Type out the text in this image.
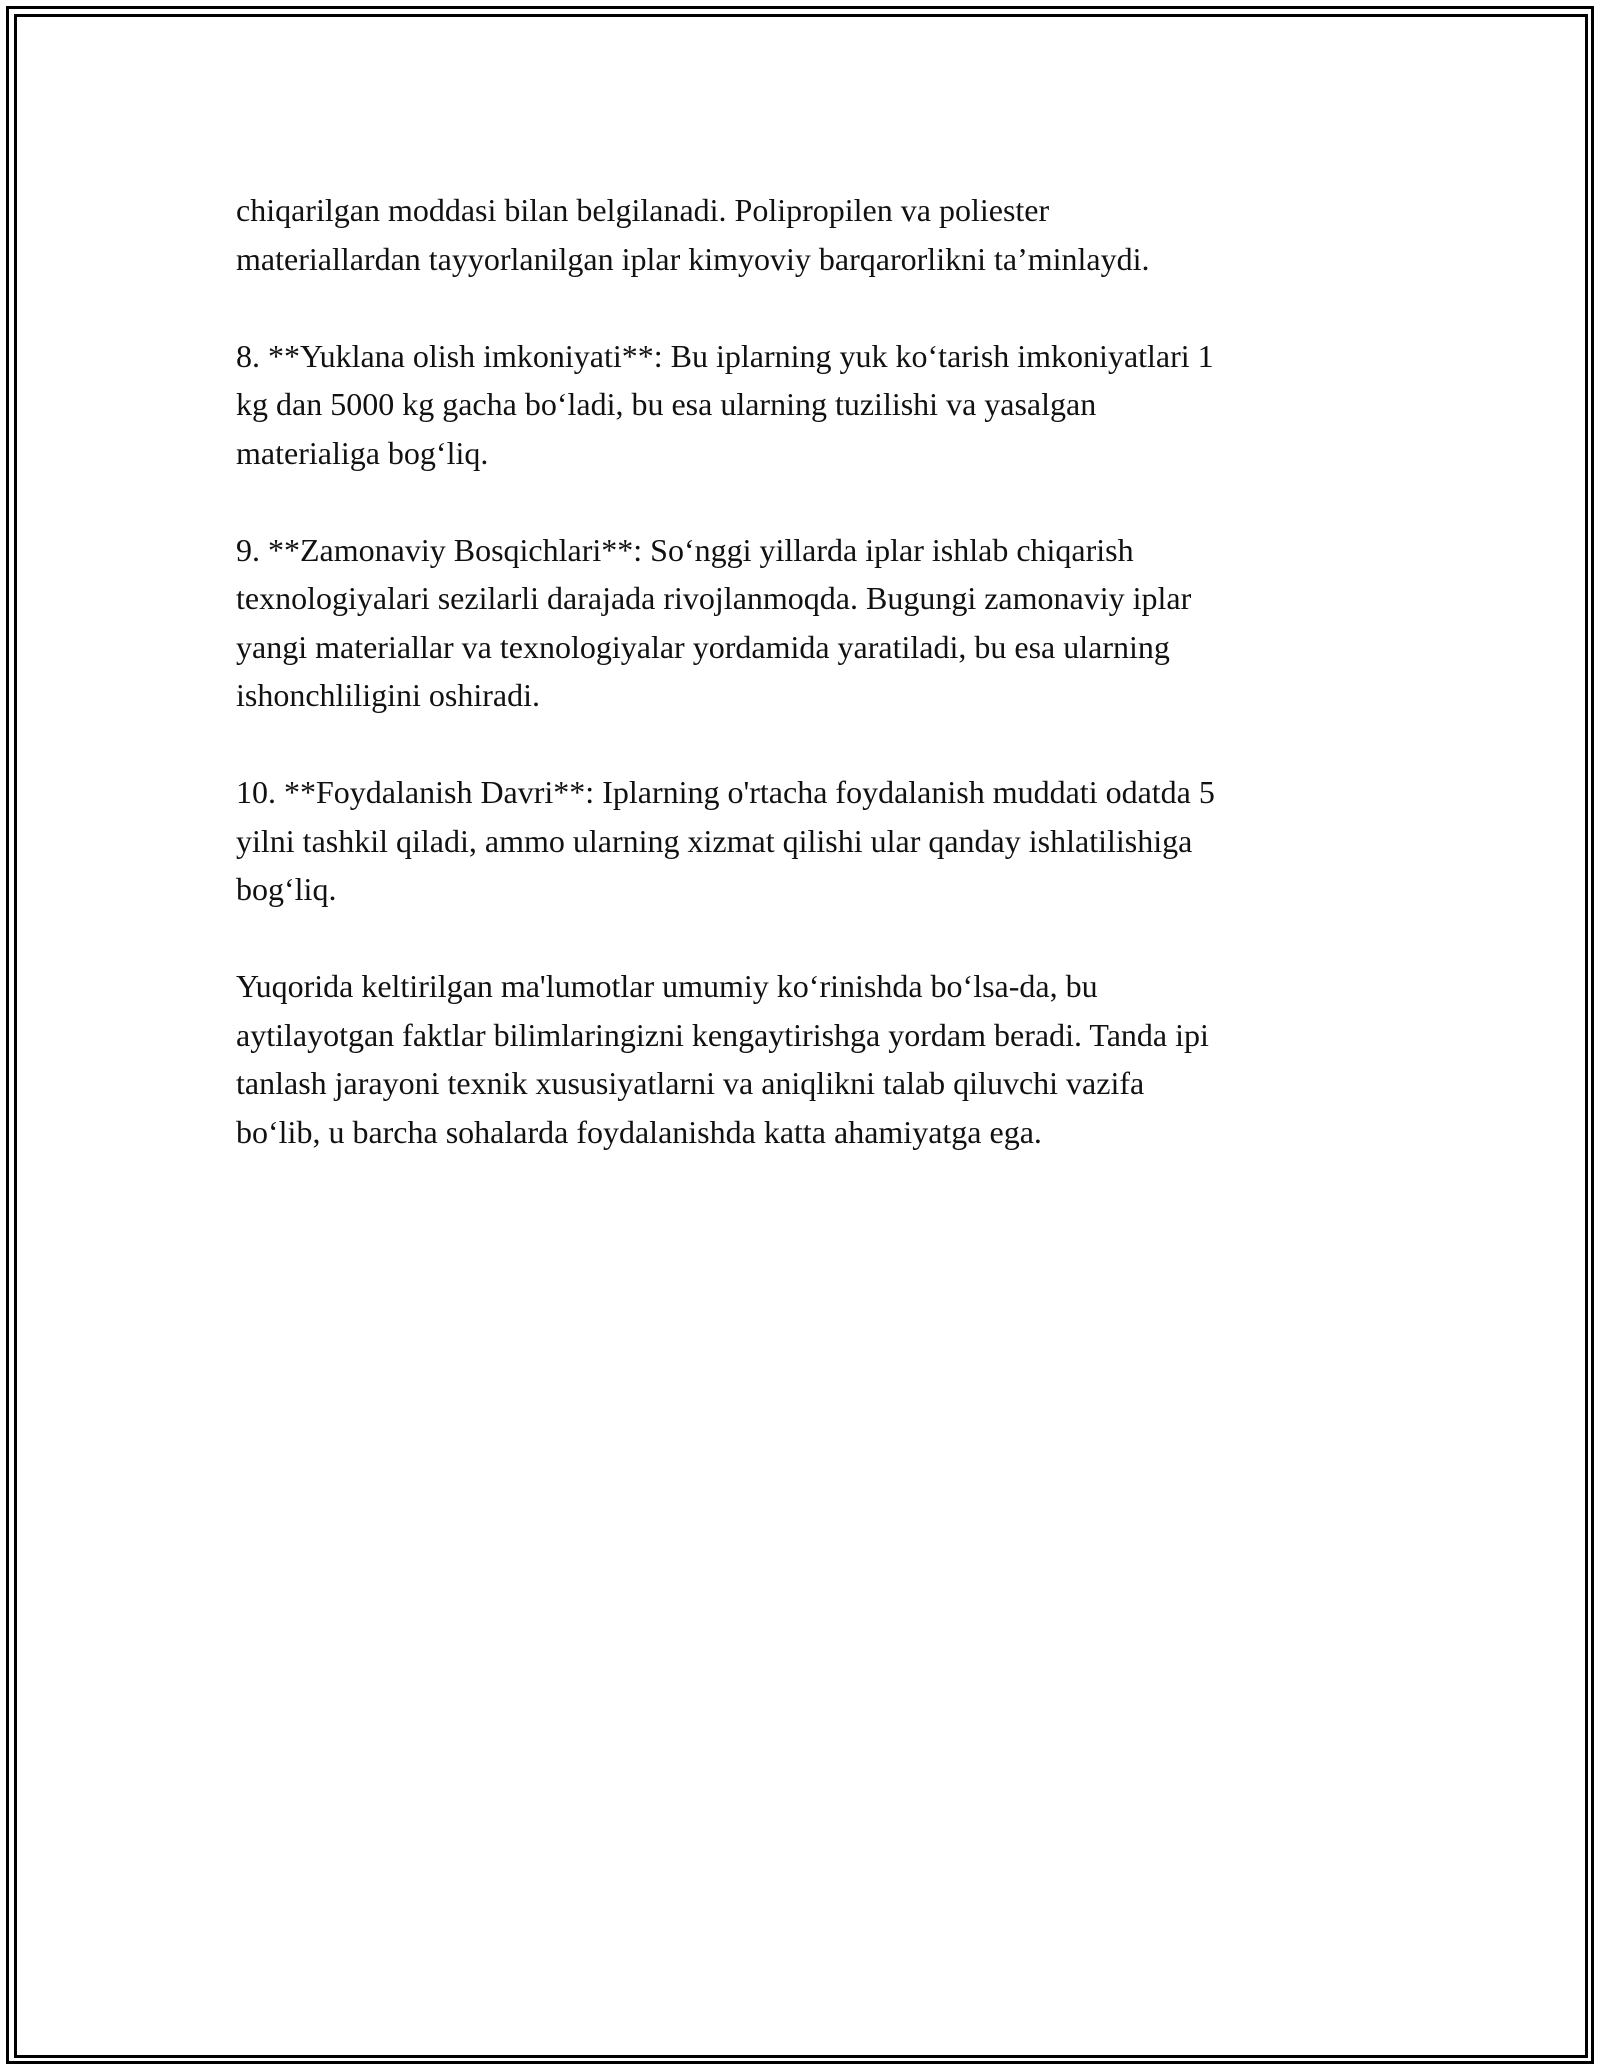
chiqarilgan moddasi bilan belgilanadi. Polipropilen va poliester
materiallardan tayyorlanilgan iplar kimyoviy barqarorlikni ta’minlaydi.

8. **Yuklana olish imkoniyati**: Bu iplarning yuk ko‘tarish imkoniyatlari 1
kg dan 5000 kg gacha bo‘ladi, bu esa ularning tuzilishi va yasalgan
materialiga bog‘liq.

9. **Zamonaviy Bosqichlari**: So‘nggi yillarda iplar ishlab chiqarish
texnologiyalari sezilarli darajada rivojlanmoqda. Bugungi zamonaviy iplar
yangi materiallar va texnologiyalar yordamida yaratiladi, bu esa ularning
ishonchliligini oshiradi.

10. **Foydalanish Davri**: Iplarning o'rtacha foydalanish muddati odatda 5
yilni tashkil qiladi, ammo ularning xizmat qilishi ular qanday ishlatilishiga
bog‘liq.

Yuqorida keltirilgan ma'lumotlar umumiy ko‘rinishda bo‘lsa-da, bu
aytilayotgan faktlar bilimlaringizni kengaytirishga yordam beradi. Tanda ipi
tanlash jarayoni texnik xususiyatlarni va aniqlikni talab qiluvchi vazifa
bo‘lib, u barcha sohalarda foydalanishda katta ahamiyatga ega.
